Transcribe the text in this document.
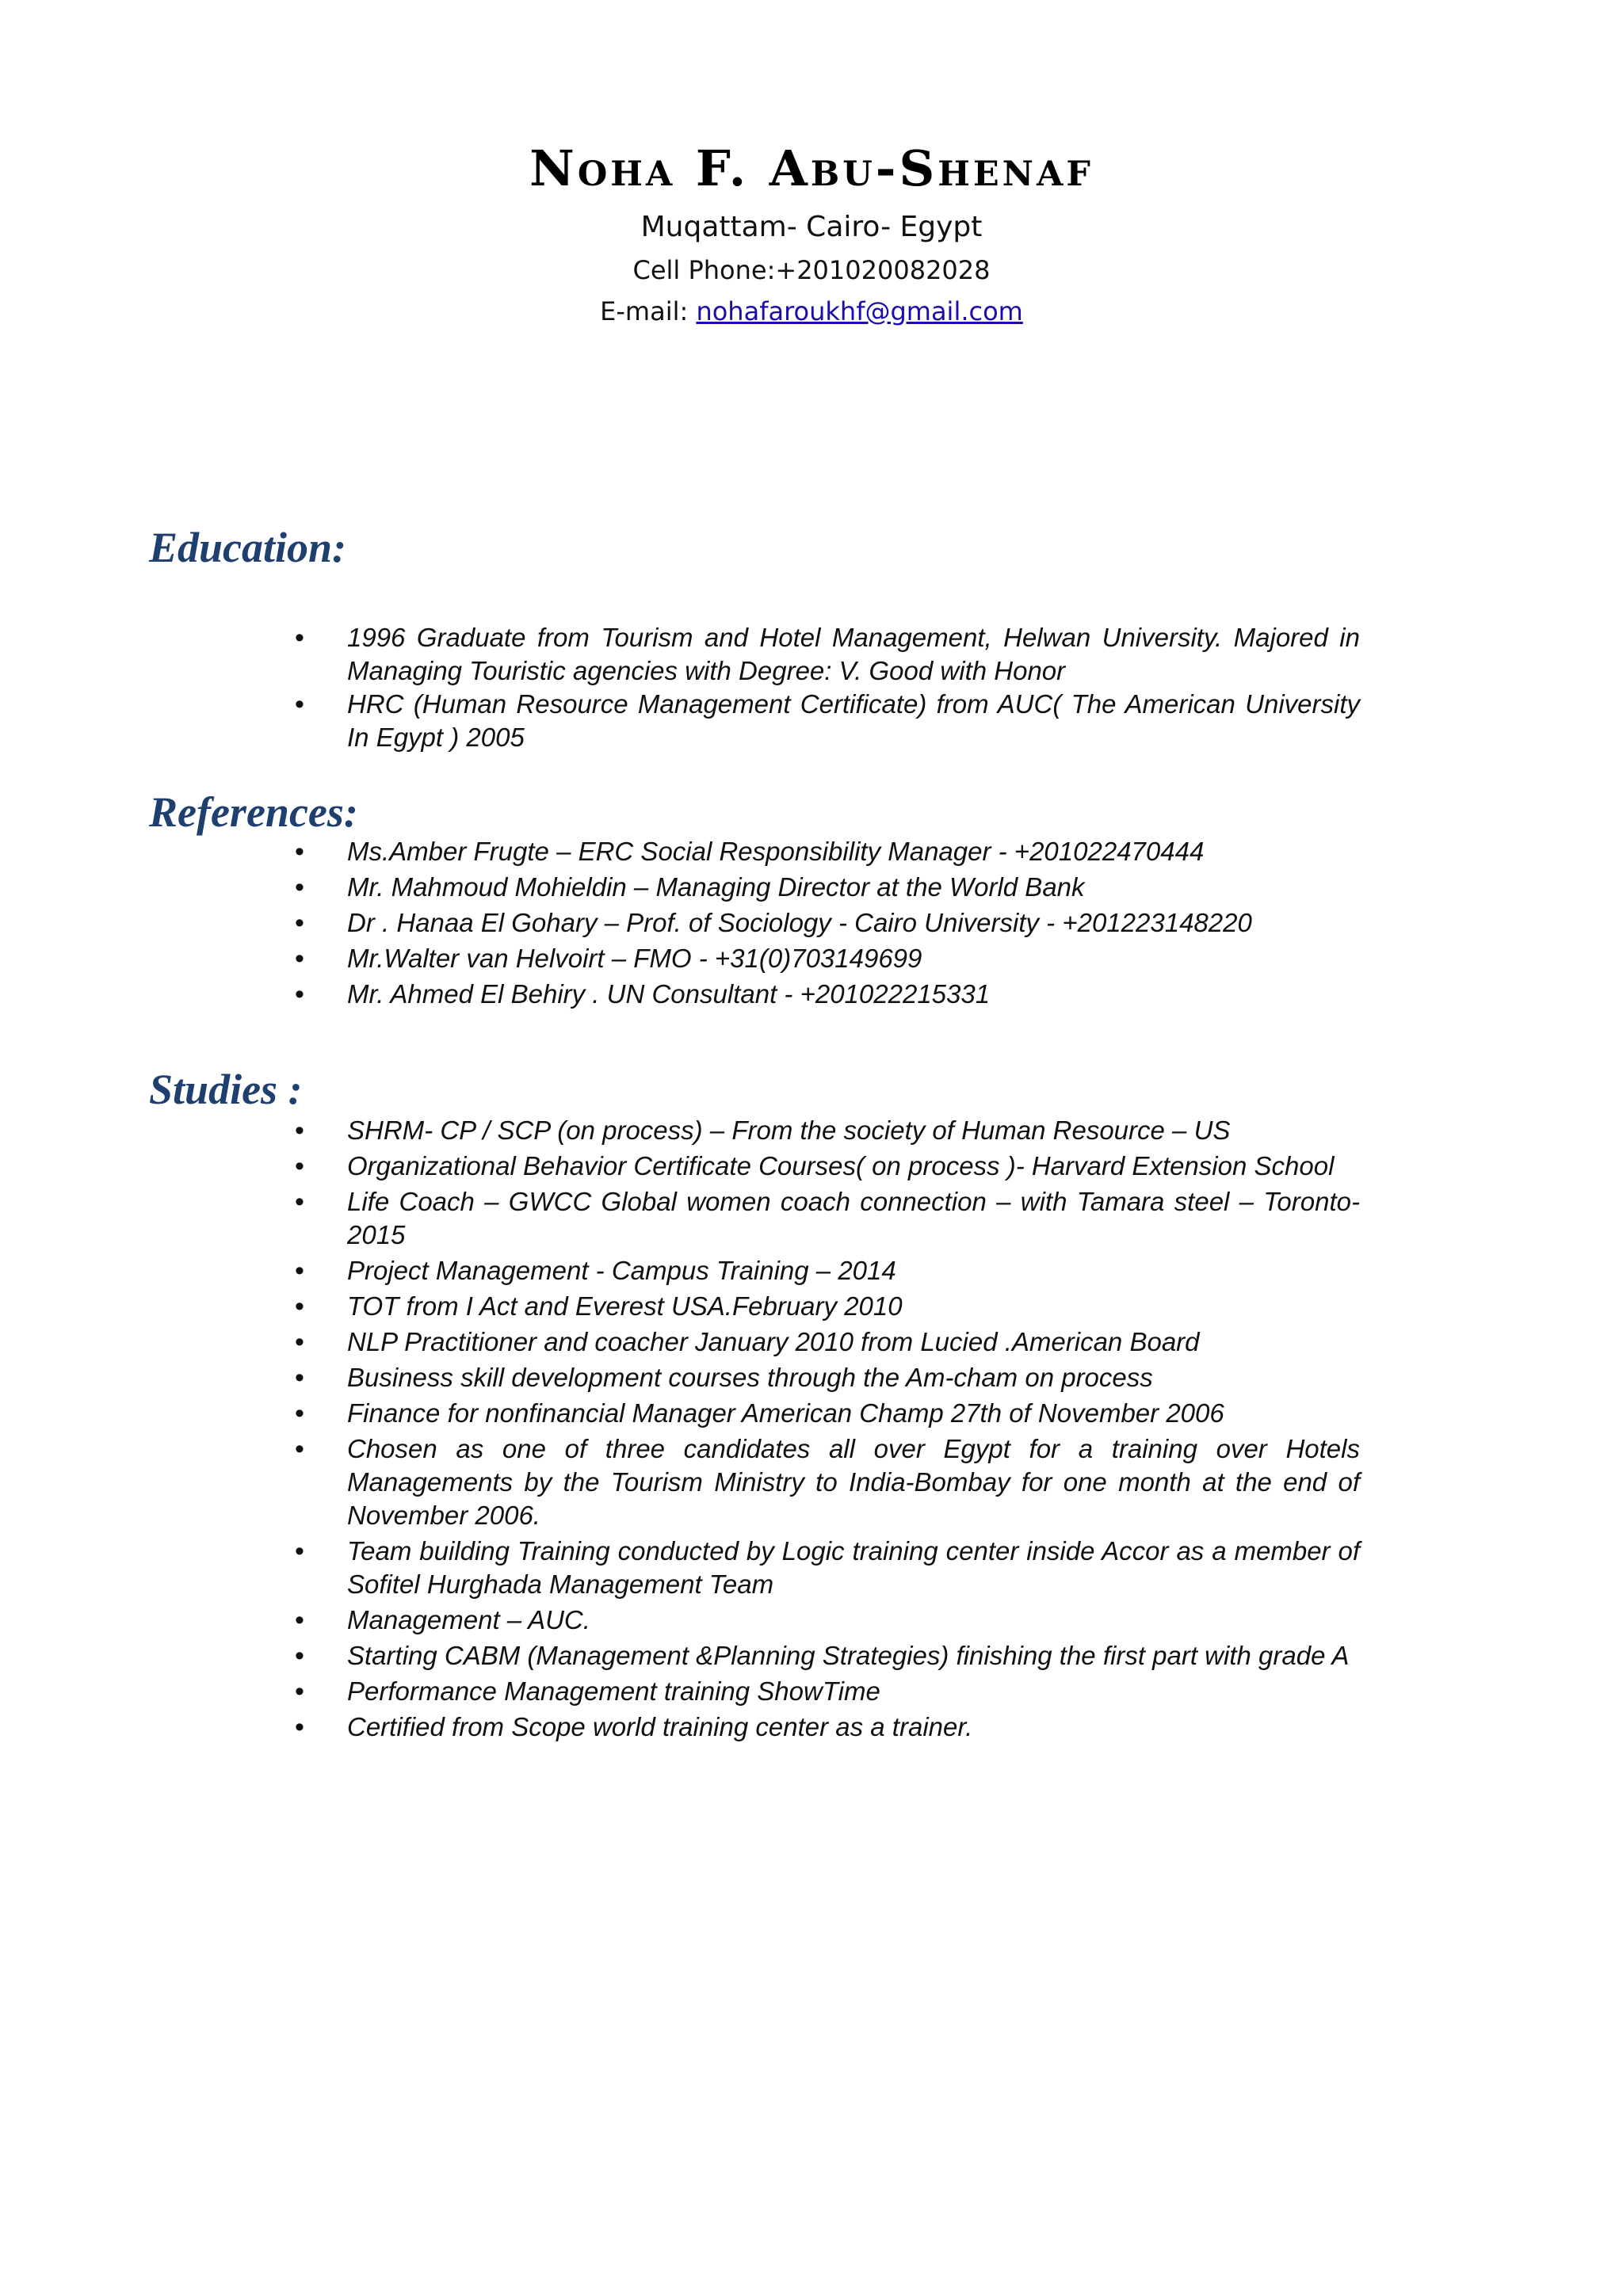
Noha F. Abu-Shenaf
Muqattam- Cairo- Egypt
Cell Phone:+201020082028
E-mail: nohafaroukhf@gmail.com
Education:
• 1996 Graduate from Tourism and Hotel Management, Helwan University. Majored in Managing Touristic agencies with Degree: V. Good with Honor
• HRC (Human Resource Management Certificate) from AUC( The American University In Egypt ) 2005
References:
• Ms.Amber Frugte – ERC Social Responsibility Manager - +201022470444
• Mr. Mahmoud Mohieldin – Managing Director at the World Bank
• Dr . Hanaa El Gohary – Prof. of Sociology - Cairo University - +201223148220
• Mr.Walter van Helvoirt – FMO - +31(0)703149699
• Mr. Ahmed El Behiry . UN Consultant - +201022215331
Studies :
• SHRM- CP / SCP (on process) – From the society of Human Resource – US
• Organizational Behavior Certificate Courses( on process )- Harvard Extension School
• Life Coach – GWCC Global women coach connection – with Tamara steel – Toronto-2015
• Project Management - Campus Training – 2014
• TOT from I Act and Everest USA.February 2010
• NLP Practitioner and coacher January 2010 from Lucied .American Board
• Business skill development courses through the Am-cham on process
• Finance for nonfinancial Manager American Champ 27th of November 2006
• Chosen as one of three candidates all over Egypt for a training over Hotels Managements by the Tourism Ministry to India-Bombay for one month at the end of November 2006.
• Team building Training conducted by Logic training center inside Accor as a member of Sofitel Hurghada Management Team
• Management – AUC.
• Starting CABM (Management &Planning Strategies) finishing the first part with grade A
• Performance Management training ShowTime
• Certified from Scope world training center as a trainer.
